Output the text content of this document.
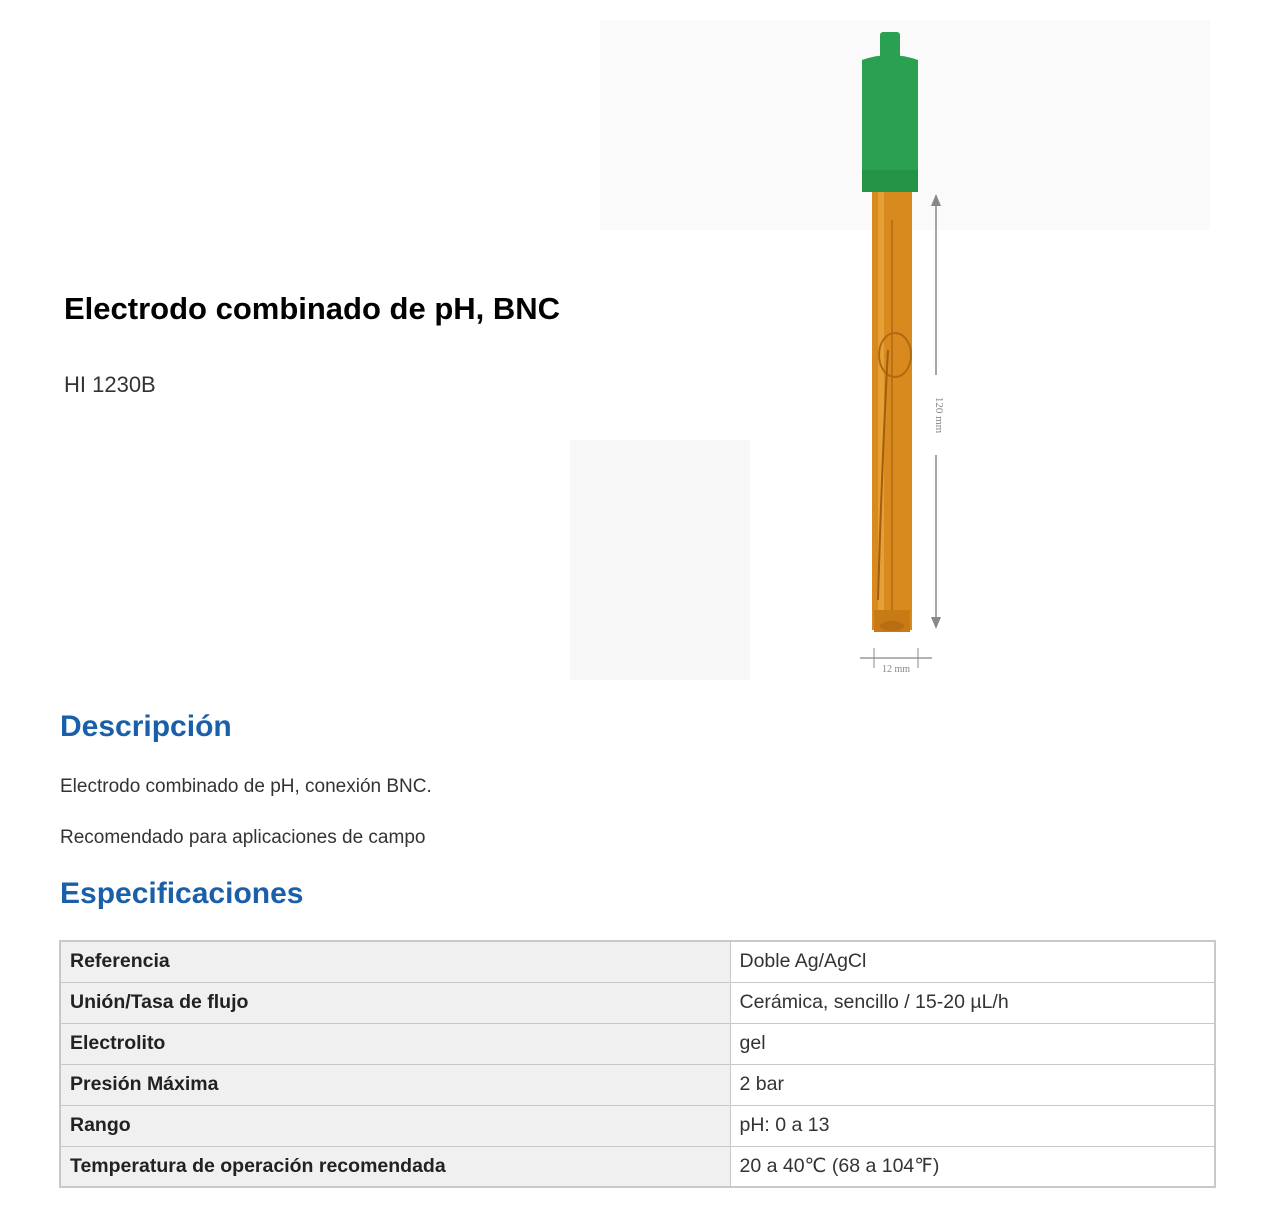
Electrodo combinado de pH, BNC
HI 1230B
120 mm
12 mm
Descripción

Electrodo combinado de pH, conexión BNC.

Recomendado para aplicaciones de campo

Especificaciones
Referencia	Doble Ag/AgCl
Unión/Tasa de flujo	Cerámica, sencillo / 15-20 µL/h
Electrolito	gel
Presión Máxima	2 bar
Rango	pH: 0 a 13
Temperatura de operación recomendada	20 a 40℃ (68 a 104℉)
